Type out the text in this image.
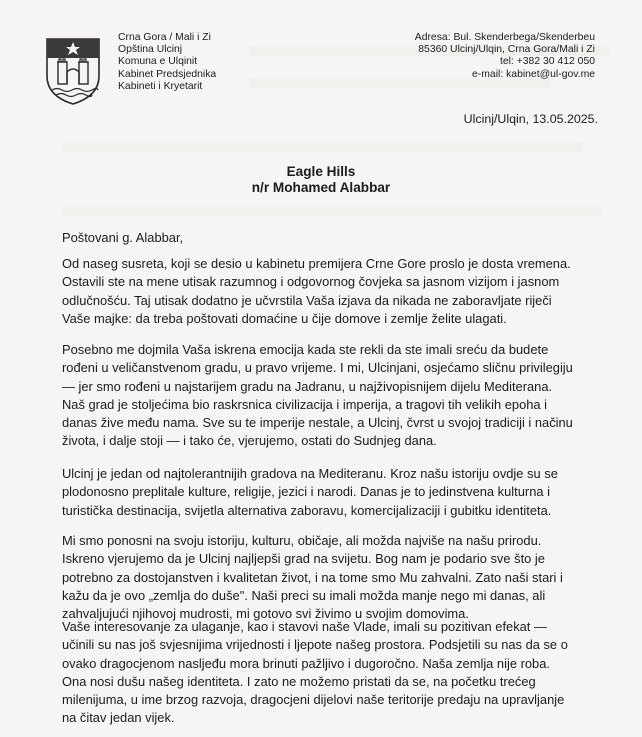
Crna Gora / Mali i Zi
Opština Ulcinj
Komuna e Ulqinit
Kabinet Predsjednika
Kabineti i Kryetarit
Adresa: Bul. Skenderbega/Skenderbeu
85360 Ulcinj/Ulqin, Crna Gora/Mali i Zi
tel: +382 30 412 050
e-mail: kabinet@ul-gov.me
Ulcinj/Ulqin, 13.05.2025.
Eagle Hills
n/r Mohamed Alabbar
Poštovani g. Alabbar,
Od naseg susreta, koji se desio u kabinetu premijera Crne Gore proslo je dosta vremena.
Ostavili ste na mene utisak razumnog i odgovornog čovjeka sa jasnom vizijom i jasnom
odlučnošću. Taj utisak dodatno je učvrstila Vaša izjava da nikada ne zaboravljate riječi
Vaše majke: da treba poštovati domaćine u čije domove i zemlje želite ulagati.
Posebno me dojmila Vaša iskrena emocija kada ste rekli da ste imali sreću da budete
rođeni u veličanstvenom gradu, u pravo vrijeme. I mi, Ulcinjani, osjećamo sličnu privilegiju
— jer smo rođeni u najstarijem gradu na Jadranu, u najživopisnijem dijelu Mediterana.
Naš grad je stoljećima bio raskrsnica civilizacija i imperija, a tragovi tih velikih epoha i
danas žive među nama. Sve su te imperije nestale, a Ulcinj, čvrst u svojoj tradiciji i načinu
života, i dalje stoji — i tako će, vjerujemo, ostati do Sudnjeg dana.
Ulcinj je jedan od najtolerantnijih gradova na Mediteranu. Kroz našu istoriju ovdje su se
plodonosno preplitale kulture, religije, jezici i narodi. Danas je to jedinstvena kulturna i
turistička destinacija, svijetla alternativa zaboravu, komercijalizaciji i gubitku identiteta.
Mi smo ponosni na svoju istoriju, kulturu, običaje, ali možda najviše na našu prirodu.
Iskreno vjerujemo da je Ulcinj najljepši grad na svijetu. Bog nam je podario sve što je
potrebno za dostojanstven i kvalitetan život, i na tome smo Mu zahvalni. Zato naši stari i
kažu da je ovo „zemlja do duše". Naši preci su imali možda manje nego mi danas, ali
zahvaljujući njihovoj mudrosti, mi gotovo svi živimo u svojim domovima.
Vaše interesovanje za ulaganje, kao i stavovi naše Vlade, imali su pozitivan efekat —
učinili su nas još svjesnijima vrijednosti i ljepote našeg prostora. Podsjetili su nas da se o
ovako dragocjenom nasljeđu mora brinuti pažljivo i dugoročno. Naša zemlja nije roba.
Ona nosi dušu našeg identiteta. I zato ne možemo pristati da se, na početku trećeg
milenijuma, u ime brzog razvoja, dragocjeni dijelovi naše teritorije predaju na upravljanje
na čitav jedan vijek.
